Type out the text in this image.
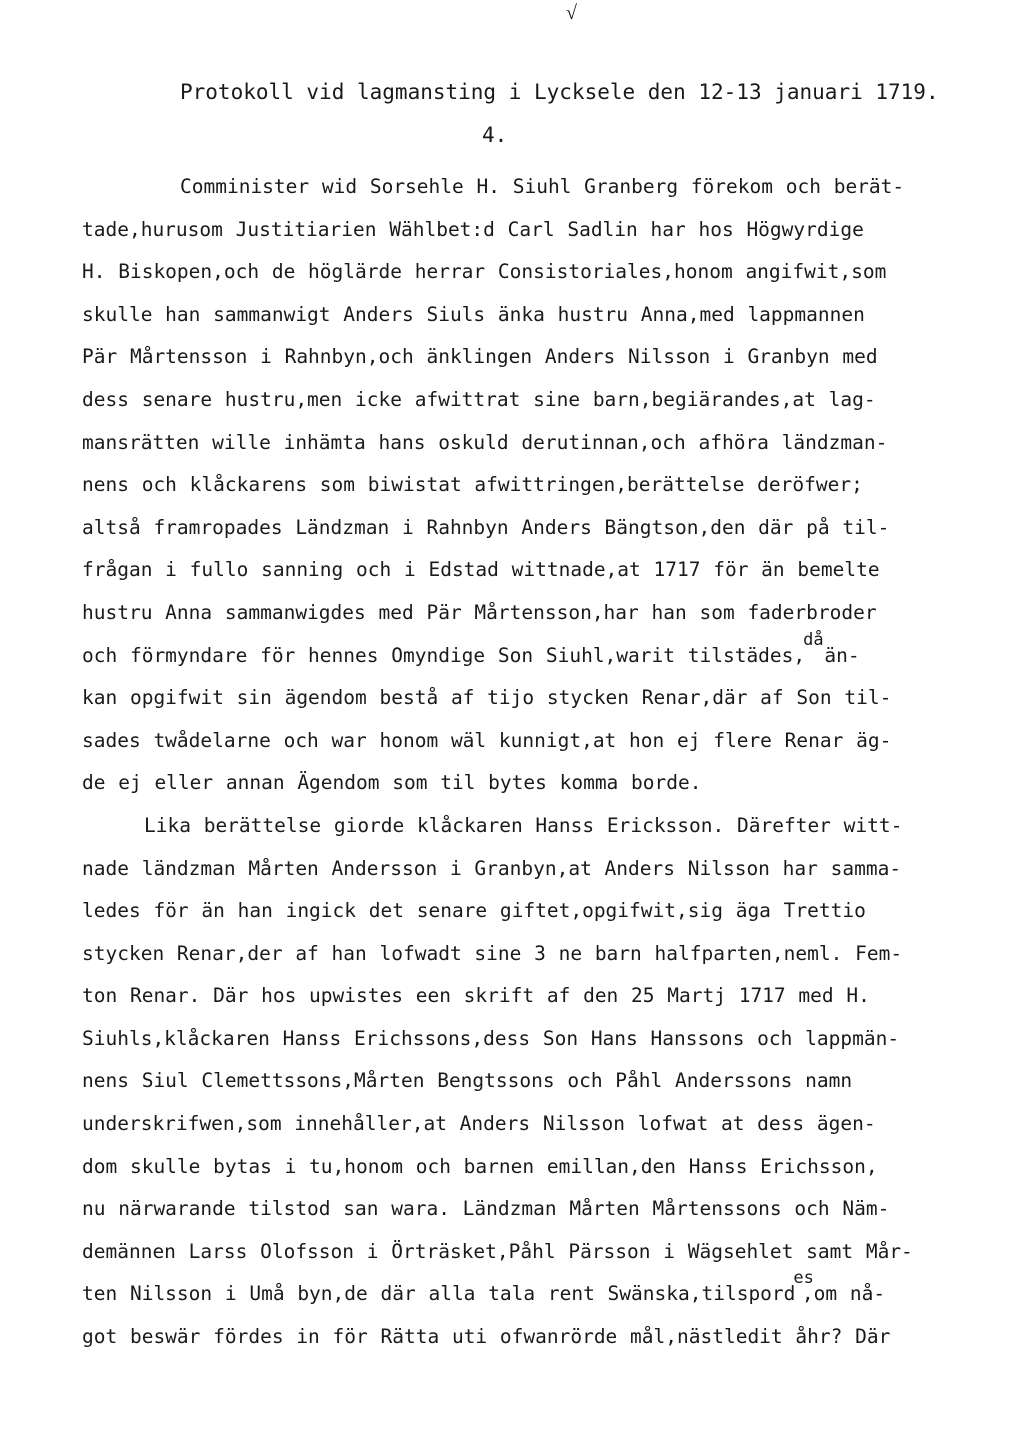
√
Protokoll vid lagmansting i Lycksele den 12-13 januari 1719.
4.
Comminister wid Sorsehle H. Siuhl Granberg förekom och berät-
tade,hurusom Justitiarien Wählbet:d Carl Sadlin har hos Högwyrdige
H. Biskopen,och de höglärde herrar Consistoriales,honom angifwit,som
skulle han sammanwigt Anders Siuls änka hustru Anna,med lappmannen
Pär Mårtensson i Rahnbyn,och änklingen Anders Nilsson i Granbyn med
dess senare hustru,men icke afwittrat sine barn,begiärandes,at lag-
mansrätten wille inhämta hans oskuld derutinnan,och afhöra ländzman-
nens och klåckarens som biwistat afwittringen,berättelse deröfwer;
altså framropades Ländzman i Rahnbyn Anders Bängtson,den där på til-
frågan i fullo sanning och i Edstad wittnade,at 1717 för än bemelte
hustru Anna sammanwigdes med Pär Mårtensson,har han som faderbroder
och förmyndare för hennes Omyndige Son Siuhl,warit tilstädes,då än-
kan opgifwit sin ägendom bestå af tijo stycken Renar,där af Son til-
sades twådelarne och war honom wäl kunnigt,at hon ej flere Renar äg-
de ej eller annan Ägendom som til bytes komma borde.
Lika berättelse giorde klåckaren Hanss Ericksson. Därefter witt-
nade ländzman Mårten Andersson i Granbyn,at Anders Nilsson har samma-
ledes för än han ingick det senare giftet,opgifwit,sig äga Trettio
stycken Renar,der af han lofwadt sine 3 ne barn halfparten,neml. Fem-
ton Renar. Där hos upwistes een skrift af den 25 Martj 1717 med H.
Siuhls,klåckaren Hanss Erichssons,dess Son Hans Hanssons och lappmän-
nens Siul Clemettssons,Mårten Bengtssons och Påhl Anderssons namn
underskrifwen,som innehåller,at Anders Nilsson lofwat at dess ägen-
dom skulle bytas i tu,honom och barnen emillan,den Hanss Erichsson,
nu närwarande tilstod san wara. Ländzman Mårten Mårtenssons och Näm-
demännen Larss Olofsson i Örträsket,Påhl Pärsson i Wägsehlet samt Mår-
ten Nilsson i Umå byn,de där alla tala rent Swänska,tilspordes,om nå-
got beswär fördes in för Rätta uti ofwanrörde mål,nästledit åhr? Där
